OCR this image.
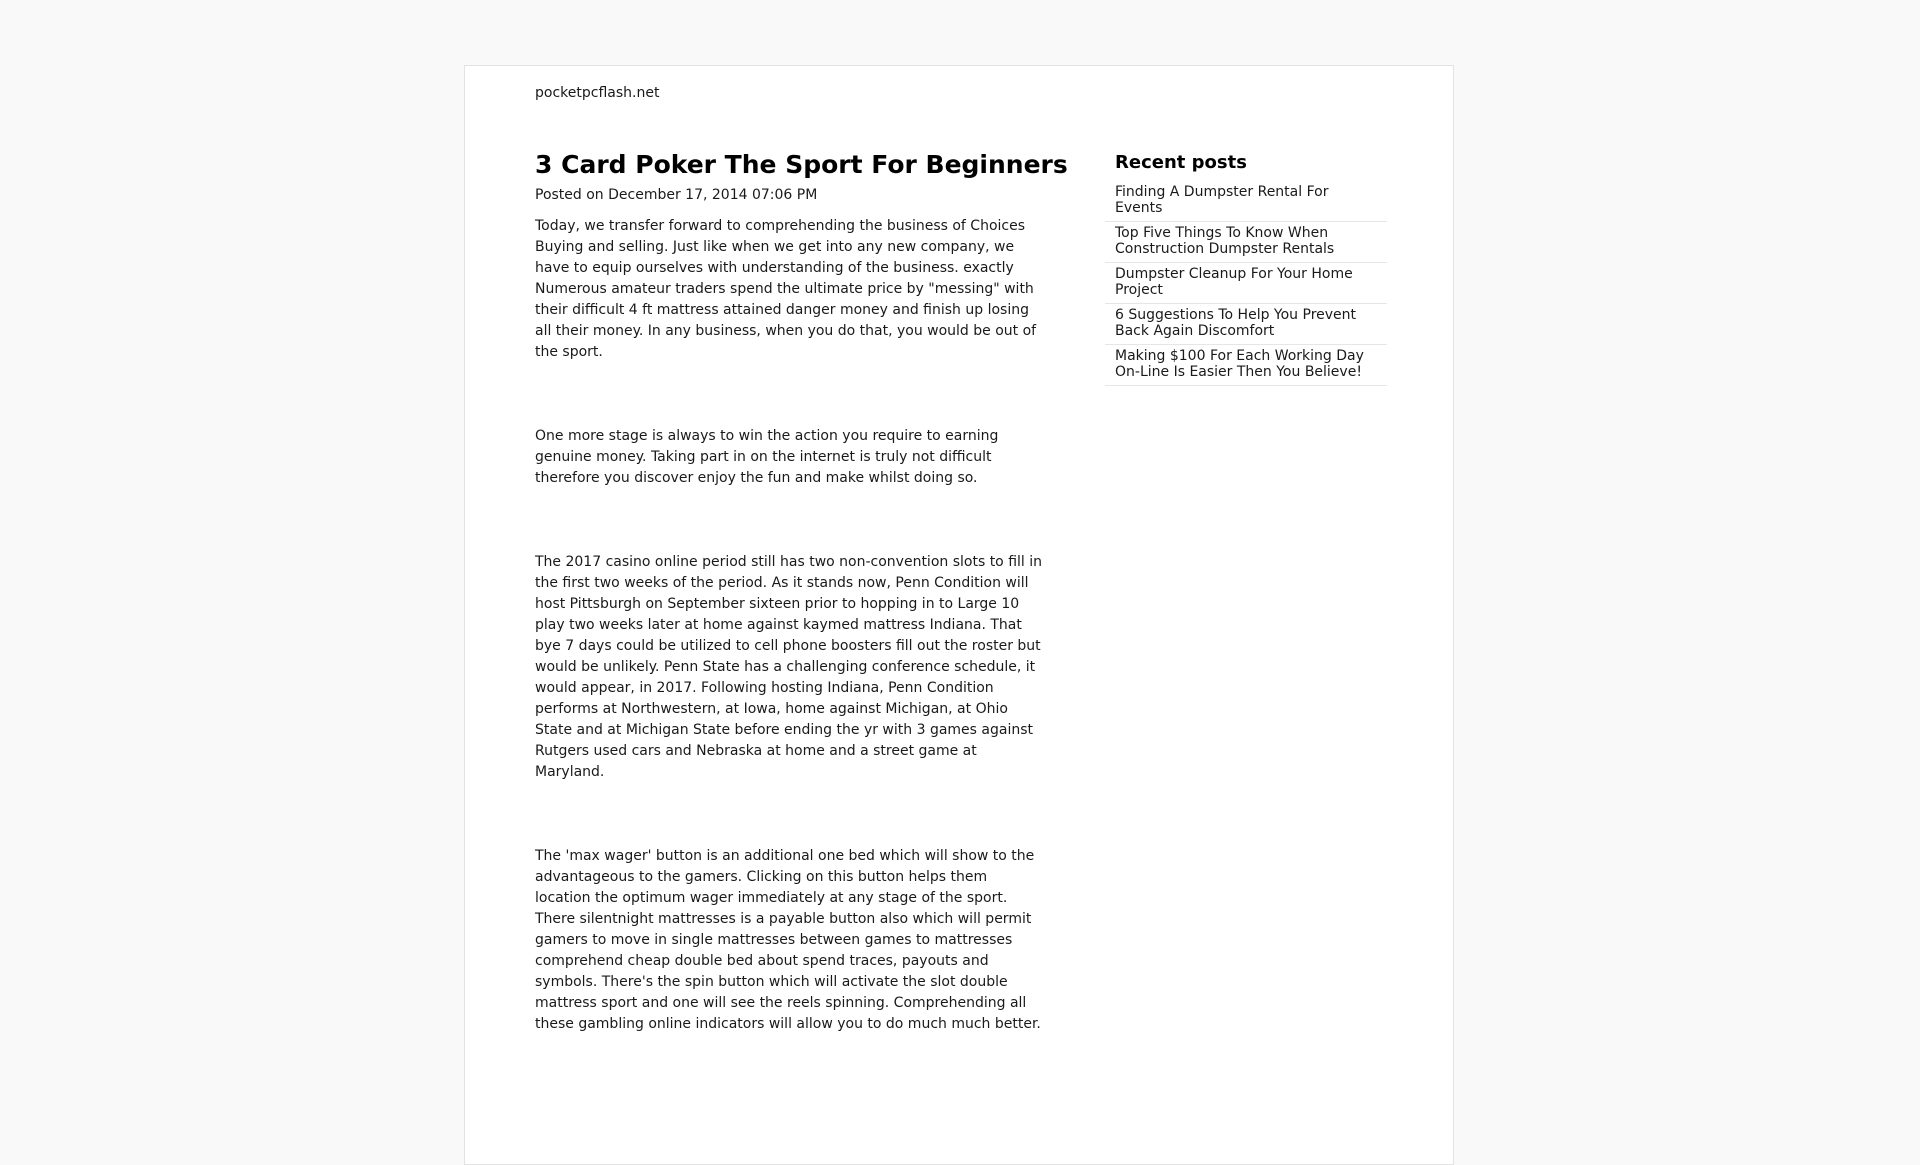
pocketpcflash.net
3 Card Poker The Sport For Beginners
Posted on December 17, 2014 07:06 PM

Today, we transfer forward to comprehending the business of Choices Buying and selling. Just like when we get into any new company, we have to equip ourselves with understanding of the business. exactly Numerous amateur traders spend the ultimate price by "messing" with their difficult 4 ft mattress attained danger money and finish up losing all their money. In any business, when you do that, you would be out of the sport.

One more stage is always to win the action you require to earning genuine money. Taking part in on the internet is truly not difficult therefore you discover enjoy the fun and make whilst doing so.

The 2017 casino online period still has two non-convention slots to fill in the first two weeks of the period. As it stands now, Penn Condition will host Pittsburgh on September sixteen prior to hopping in to Large 10 play two weeks later at home against kaymed mattress Indiana. That bye 7 days could be utilized to cell phone boosters fill out the roster but would be unlikely. Penn State has a challenging conference schedule, it would appear, in 2017. Following hosting Indiana, Penn Condition performs at Northwestern, at Iowa, home against Michigan, at Ohio State and at Michigan State before ending the yr with 3 games against Rutgers used cars and Nebraska at home and a street game at Maryland.

The 'max wager' button is an additional one bed which will show to the advantageous to the gamers. Clicking on this button helps them location the optimum wager immediately at any stage of the sport. There silentnight mattresses is a payable button also which will permit gamers to move in single mattresses between games to mattresses comprehend cheap double bed about spend traces, payouts and symbols. There's the spin button which will activate the slot double mattress sport and one will see the reels spinning. Comprehending all these gambling online indicators will allow you to do much much better.

Recent posts
Finding A Dumpster Rental For Events
Top Five Things To Know When Construction Dumpster Rentals
Dumpster Cleanup For Your Home Project
6 Suggestions To Help You Prevent Back Again Discomfort
Making $100 For Each Working Day On-Line Is Easier Then You Believe!
